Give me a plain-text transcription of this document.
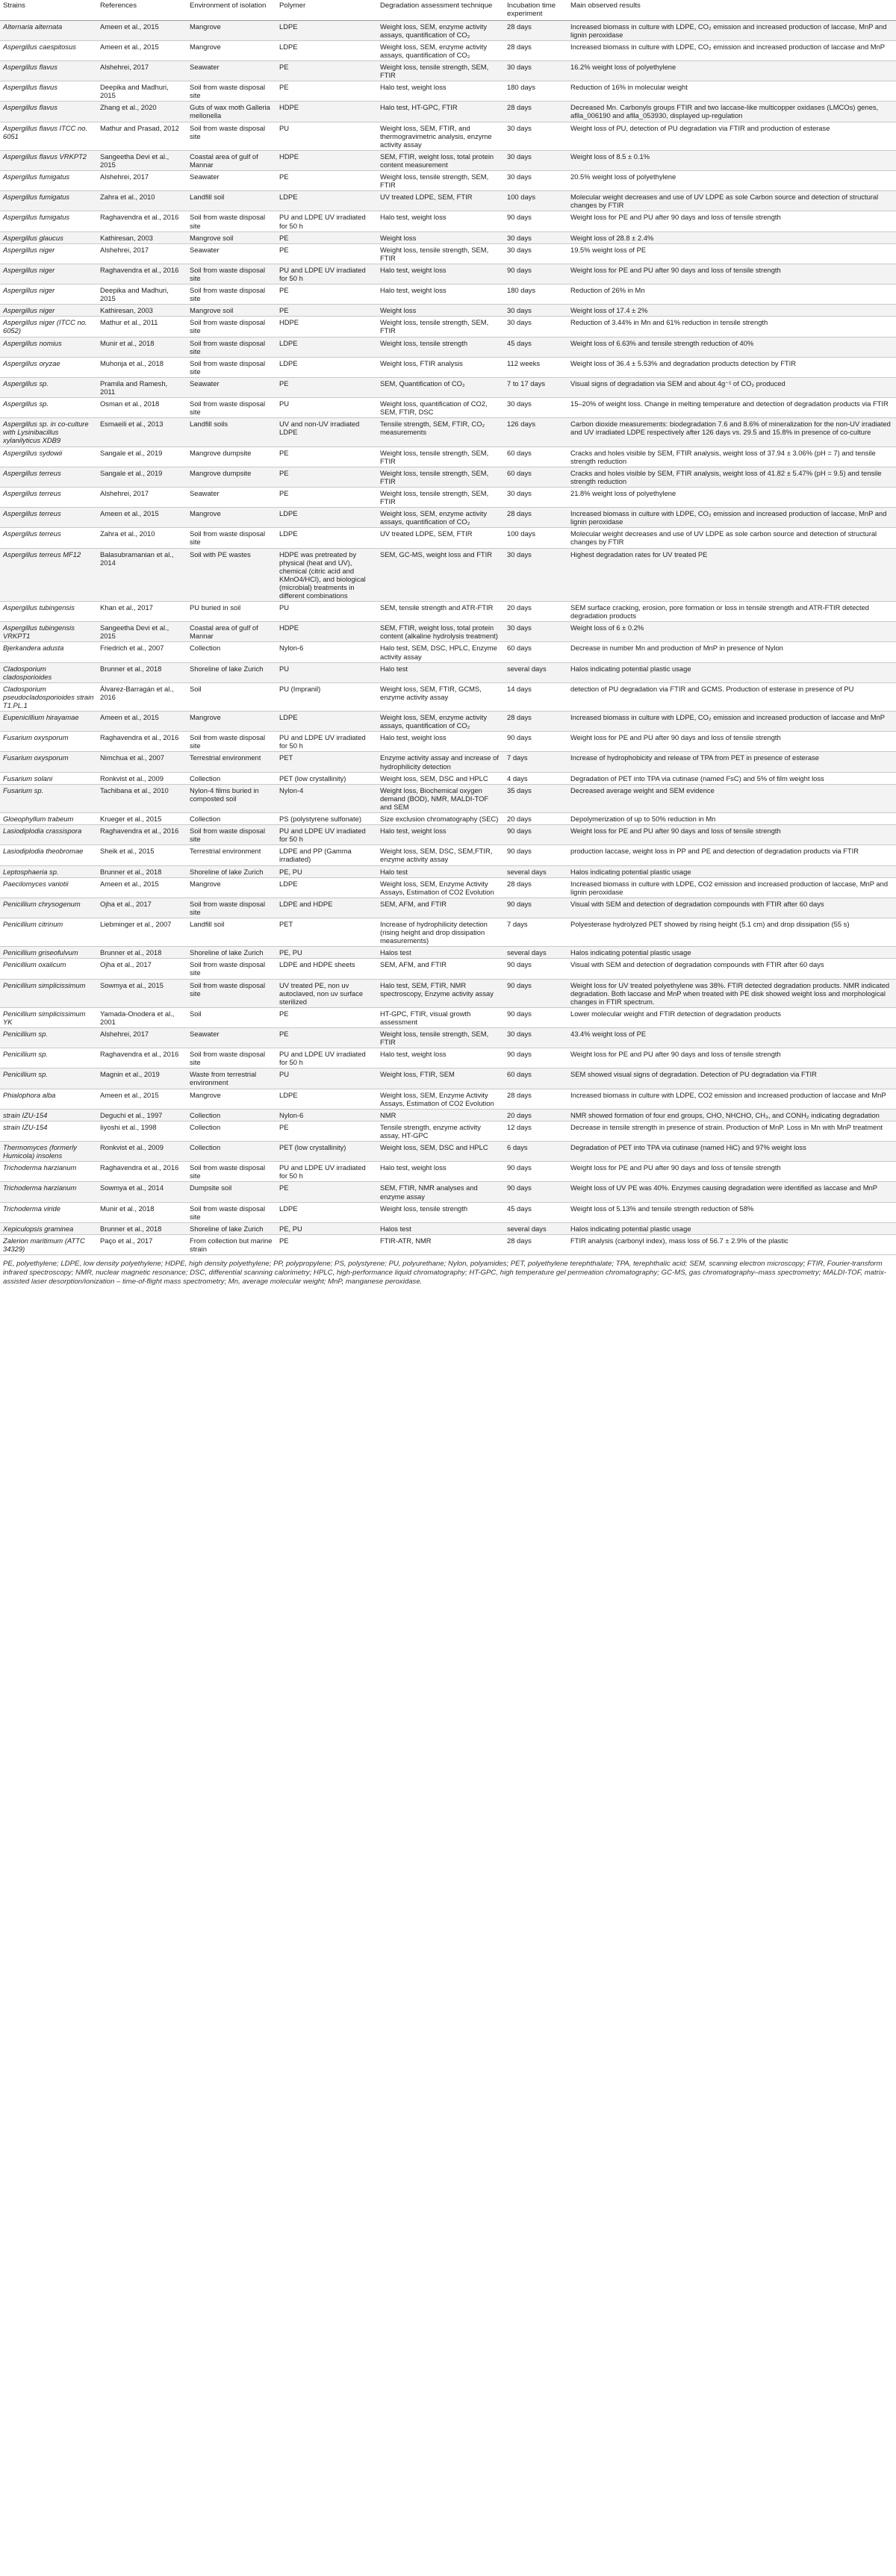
Strains	References	Environment of isolation	Polymer	Degradation assessment technique	Incubation time experiment	Main observed results
Alternaria alternata	Ameen et al., 2015	Mangrove	LDPE	Weight loss, SEM, enzyme activity assays, quantification of CO₂	28 days	Increased biomass in culture with LDPE, CO₂ emission and increased production of laccase, MnP and lignin peroxidase
Aspergillus caespitosus	Ameen et al., 2015	Mangrove	LDPE	Weight loss, SEM, enzyme activity assays, quantification of CO₂	28 days	Increased biomass in culture with LDPE, CO₂ emission and increased production of laccase and MnP
Aspergillus flavus	Alshehrei, 2017	Seawater	PE	Weight loss, tensile strength, SEM, FTIR	30 days	16.2% weight loss of polyethylene
Aspergillus flavus	Deepika and Madhuri, 2015	Soil from waste disposal site	PE	Halo test, weight loss	180 days	Reduction of 16% in molecular weight
Aspergillus flavus	Zhang et al., 2020	Guts of wax moth Galleria mellonella	HDPE	Halo test, HT-GPC, FTIR	28 days	Decreased Mn. Carbonyls groups FTIR and two laccase-like multicopper oxidases (LMCOs) genes, aflla_006190 and aflla_053930, displayed up-regulation
Aspergillus flavus ITCC no. 6051	Mathur and Prasad, 2012	Soil from waste disposal site	PU	Weight loss, SEM, FTIR, and thermogravimetric analysis, enzyme activity assay	30 days	Weight loss of PU, detection of PU degradation via FTIR and production of esterase
Aspergillus flavus VRKPT2	Sangeetha Devi et al., 2015	Coastal area of gulf of Mannar	HDPE	SEM, FTIR, weight loss, total protein content measurement	30 days	Weight loss of 8.5 ± 0.1%
Aspergillus fumigatus	Alshehrei, 2017	Seawater	PE	Weight loss, tensile strength, SEM, FTIR	30 days	20.5% weight loss of polyethylene
Aspergillus fumigatus	Zahra et al., 2010	Landfill soil	LDPE	UV treated LDPE, SEM, FTIR	100 days	Molecular weight decreases and use of UV LDPE as sole Carbon source and detection of structural changes by FTIR
Aspergillus fumigatus	Raghavendra et al., 2016	Soil from waste disposal site	PU and LDPE UV irradiated for 50 h	Halo test, weight loss	90 days	Weight loss for PE and PU after 90 days and loss of tensile strength
Aspergillus glaucus	Kathiresan, 2003	Mangrove soil	PE	Weight loss	30 days	Weight loss of 28.8 ± 2.4%
Aspergillus niger	Alshehrei, 2017	Seawater	PE	Weight loss, tensile strength, SEM, FTIR	30 days	19.5% weight loss of PE
Aspergillus niger	Raghavendra et al., 2016	Soil from waste disposal site	PU and LDPE UV irradiated for 50 h	Halo test, weight loss	90 days	Weight loss for PE and PU after 90 days and loss of tensile strength
Aspergillus niger	Deepika and Madhuri, 2015	Soil from waste disposal site	PE	Halo test, weight loss	180 days	Reduction of 26% in Mn
Aspergillus niger	Kathiresan, 2003	Mangrove soil	PE	Weight loss	30 days	Weight loss of 17.4 ± 2%
Aspergillus niger (ITCC no. 6052)	Mathur et al., 2011	Soil from waste disposal site	HDPE	Weight loss, tensile strength, SEM, FTIR	30 days	Reduction of 3.44% in Mn and 61% reduction in tensile strength
Aspergillus nomius	Munir et al., 2018	Soil from waste disposal site	LDPE	Weight loss, tensile strength	45 days	Weight loss of 6.63% and tensile strength reduction of 40%
Aspergillus oryzae	Muhonja et al., 2018	Soil from waste disposal site	LDPE	Weight loss, FTIR analysis	112 weeks	Weight loss of 36.4 ± 5.53% and degradation products detection by FTIR
Aspergillus sp.	Pramila and Ramesh, 2011	Seawater	PE	SEM, Quantification of CO₂	7 to 17 days	Visual signs of degradation via SEM and about 4g⁻¹ of CO₂ produced
Aspergillus sp.	Osman et al., 2018	Soil from waste disposal site	PU	Weight loss, quantification of CO2, SEM, FTIR, DSC	30 days	15–20% of weight loss. Change in melting temperature and detection of degradation products via FTIR
Aspergillus sp. in co-culture with Lysinibacillus xylanilyticus XDB9	Esmaeili et al., 2013	Landfill soils	UV and non-UV irradiated LDPE	Tensile strength, SEM, FTIR, CO₂ measurements	126 days	Carbon dioxide measurements: biodegradation 7.6 and 8.6% of mineralization for the non-UV irradiated and UV irradiated LDPE respectively after 126 days vs. 29.5 and 15.8% in presence of co-culture
Aspergillus sydowii	Sangale et al., 2019	Mangrove dumpsite	PE	Weight loss, tensile strength, SEM, FTIR	60 days	Cracks and holes visible by SEM, FTIR analysis, weight loss of 37.94 ± 3.06% (pH = 7) and tensile strength reduction
Aspergillus terreus	Sangale et al., 2019	Mangrove dumpsite	PE	Weight loss, tensile strength, SEM, FTIR	60 days	Cracks and holes visible by SEM, FTIR analysis, weight loss of 41.82 ± 5.47% (pH = 9.5) and tensile strength reduction
Aspergillus terreus	Alshehrei, 2017	Seawater	PE	Weight loss, tensile strength, SEM, FTIR	30 days	21.8% weight loss of polyethylene
Aspergillus terreus	Ameen et al., 2015	Mangrove	LDPE	Weight loss, SEM, enzyme activity assays, quantification of CO₂	28 days	Increased biomass in culture with LDPE, CO₂ emission and increased production of laccase, MnP and lignin peroxidase
Aspergillus terreus	Zahra et al., 2010	Soil from waste disposal site	LDPE	UV treated LDPE, SEM, FTIR	100 days	Molecular weight decreases and use of UV LDPE as sole carbon source and detection of structural changes by FTIR
Aspergillus terreus MF12	Balasubramanian et al., 2014	Soil with PE wastes	HDPE was pretreated by physical (heat and UV), chemical (citric acid and KMnO4/HCl), and biological (microbial) treatments in different combinations	SEM, GC-MS, weight loss and FTIR	30 days	Highest degradation rates for UV treated PE
Aspergillus tubingensis	Khan et al., 2017	PU buried in soil	PU	SEM, tensile strength and ATR-FTIR	20 days	SEM surface cracking, erosion, pore formation or loss in tensile strength and ATR-FTIR detected degradation products
Aspergillus tubingensis VRKPT1	Sangeetha Devi et al., 2015	Coastal area of gulf of Mannar	HDPE	SEM, FTIR, weight loss, total protein content (alkaline hydrolysis treatment)	30 days	Weight loss of 6 ± 0.2%
Bjerkandera adusta	Friedrich et al., 2007	Collection	Nylon-6	Halo test, SEM, DSC, HPLC, Enzyme activity assay	60 days	Decrease in number Mn and production of MnP in presence of Nylon
Cladosporium cladosporioides	Brunner et al., 2018	Shoreline of lake Zurich	PU	Halo test	several days	Halos indicating potential plastic usage
Cladosporium pseudocladosporioides strain T1.PL.1	Álvarez-Barragán et al., 2016	Soil	PU (Impranil)	Weight loss, SEM, FTIR, GCMS, enzyme activity assay	14 days	detection of PU degradation via FTIR and GCMS. Production of esterase in presence of PU
Eupenicillium hirayamae	Ameen et al., 2015	Mangrove	LDPE	Weight loss, SEM, enzyme activity assays, quantification of CO₂	28 days	Increased biomass in culture with LDPE, CO₂ emission and increased production of laccase and MnP
Fusarium oxysporum	Raghavendra et al., 2016	Soil from waste disposal site	PU and LDPE UV irradiated for 50 h	Halo test, weight loss	90 days	Weight loss for PE and PU after 90 days and loss of tensile strength
Fusarium oxysporum	Nimchua et al., 2007	Terrestrial environment	PET	Enzyme activity assay and increase of hydrophilicity detection	7 days	Increase of hydrophobicity and release of TPA from PET in presence of esterase
Fusarium solani	Ronkvist et al., 2009	Collection	PET (low crystallinity)	Weight loss, SEM, DSC and HPLC	4 days	Degradation of PET into TPA via cutinase (named FsC) and 5% of film weight loss
Fusarium sp.	Tachibana et al., 2010	Nylon-4 films buried in composted soil	Nylon-4	Weight loss, Biochemical oxygen demand (BOD), NMR, MALDI-TOF and SEM	35 days	Decreased average weight and SEM evidence
Gloeophyllum trabeum	Krueger et al., 2015	Collection	PS (polystyrene sulfonate)	Size exclusion chromatography (SEC)	20 days	Depolymerization of up to 50% reduction in Mn
Lasiodiplodia crassispora	Raghavendra et al., 2016	Soil from waste disposal site	PU and LDPE UV irradiated for 50 h	Halo test, weight loss	90 days	Weight loss for PE and PU after 90 days and loss of tensile strength
Lasiodiplodia theobromae	Sheik et al., 2015	Terrestrial environment	LDPE and PP (Gamma irradiated)	Weight loss, SEM, DSC, SEM,FTIR, enzyme activity assay	90 days	production laccase, weight loss in PP and PE and detection of degradation products via FTIR
Leptosphaeria sp.	Brunner et al., 2018	Shoreline of lake Zurich	PE, PU	Halo test	several days	Halos indicating potential plastic usage
Paecilomyces variotii	Ameen et al., 2015	Mangrove	LDPE	Weight loss, SEM, Enzyme Activity Assays, Estimation of CO2 Evolution	28 days	Increased biomass in culture with LDPE, CO2 emission and increased production of laccase, MnP and lignin peroxidase
Penicillium chrysogenum	Ojha et al., 2017	Soil from waste disposal site	LDPE and HDPE	SEM, AFM, and FTIR	90 days	Visual with SEM and detection of degradation compounds with FTIR after 60 days
Penicillium citrinum	Liebminger et al., 2007	Landfill soil	PET	Increase of hydrophilicity detection (rising height and drop dissipation measurements)	7 days	Polyesterase hydrolyzed PET showed by rising height (5.1 cm) and drop dissipation (55 s)
Penicillium griseofulvum	Brunner et al., 2018	Shoreline of lake Zurich	PE, PU	Halos test	several days	Halos indicating potential plastic usage
Penicillium oxalicum	Ojha et al., 2017	Soil from waste disposal site	LDPE and HDPE sheets	SEM, AFM, and FTIR	90 days	Visual with SEM and detection of degradation compounds with FTIR after 60 days
Penicillium simplicissimum	Sowmya et al., 2015	Soil from waste disposal site	UV treated PE, non uv autoclaved, non uv surface sterilized	Halo test, SEM, FTIR, NMR spectroscopy, Enzyme activity assay	90 days	Weight loss for UV treated polyethylene was 38%. FTIR detected degradation products. NMR indicated degradation. Both laccase and MnP when treated with PE disk showed weight loss and morphological changes in FTIR spectrum.
Penicillium simplicissimum YK	Yamada-Onodera et al., 2001	Soil	PE	HT-GPC, FTIR, visual growth assessment	90 days	Lower molecular weight and FTIR detection of degradation products
Penicillium sp.	Alshehrei, 2017	Seawater	PE	Weight loss, tensile strength, SEM, FTIR	30 days	43.4% weight loss of PE
Penicillium sp.	Raghavendra et al., 2016	Soil from waste disposal site	PU and LDPE UV irradiated for 50 h	Halo test, weight loss	90 days	Weight loss for PE and PU after 90 days and loss of tensile strength
Penicillium sp.	Magnin et al., 2019	Waste from terrestrial environment	PU	Weight loss, FTIR, SEM	60 days	SEM showed visual signs of degradation. Detection of PU degradation via FTIR
Phialophora alba	Ameen et al., 2015	Mangrove	LDPE	Weight loss, SEM, Enzyme Activity Assays, Estimation of CO2 Evolution	28 days	Increased biomass in culture with LDPE, CO2 emission and increased production of laccase and MnP
strain IZU-154	Deguchi et al., 1997	Collection	Nylon-6	NMR	20 days	NMR showed formation of four end groups, CHO, NHCHO, CH₃, and CONH₂ indicating degradation
strain IZU-154	Iiyoshi et al., 1998	Collection	PE	Tensile strength, enzyme activity assay, HT-GPC	12 days	Decrease in tensile strength in presence of strain. Production of MnP. Loss in Mn with MnP treatment
Thermomyces (formerly Humicola) insolens	Ronkvist et al., 2009	Collection	PET (low crystallinity)	Weight loss, SEM, DSC and HPLC	6 days	Degradation of PET into TPA via cutinase (named HiC) and 97% weight loss
Trichoderma harzianum	Raghavendra et al., 2016	Soil from waste disposal site	PU and LDPE UV irradiated for 50 h	Halo test, weight loss	90 days	Weight loss for PE and PU after 90 days and loss of tensile strength
Trichoderma harzianum	Sowmya et al., 2014	Dumpsite soil	PE	SEM, FTIR, NMR analyses and enzyme assay	90 days	Weight loss of UV PE was 40%. Enzymes causing degradation were identified as laccase and MnP
Trichoderma viride	Munir et al., 2018	Soil from waste disposal site	LDPE	Weight loss, tensile strength	45 days	Weight loss of 5.13% and tensile strength reduction of 58%
Xepiculopsis graminea	Brunner et al., 2018	Shoreline of lake Zurich	PE, PU	Halos test	several days	Halos indicating potential plastic usage
Zalerion maritimum (ATTC 34329)	Paço et al., 2017	From collection but marine strain	PE	FTIR-ATR, NMR	28 days	FTIR analysis (carbonyl index), mass loss of 56.7 ± 2.9% of the plastic
PE, polyethylene; LDPE, low density polyethylene; HDPE, high density polyethylene; PP, polypropylene; PS, polystyrene; PU, polyurethane; Nylon, polyamides; PET, polyethylene terephthalate; TPA, terephthalic acid; SEM, scanning electron microscopy; FTIR, Fourier-transform infrared spectroscopy; NMR, nuclear magnetic resonance; DSC, differential scanning calorimetry; HPLC, high-performance liquid chromatography; HT-GPC, high temperature gel permeation chromatography; GC-MS, gas chromatography–mass spectrometry; MALDI-TOF, matrix-assisted laser desorption/ionization – time-of-flight mass spectrometry; Mn, average molecular weight; MnP, manganese peroxidase.
